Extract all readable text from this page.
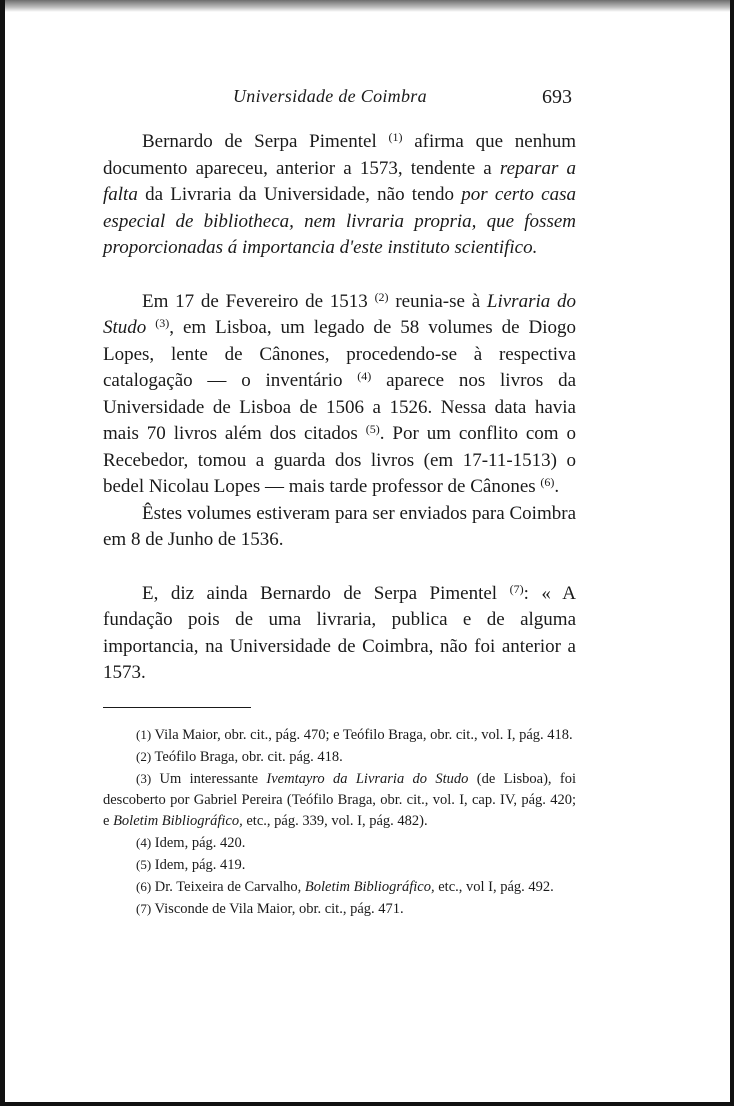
Universidade de Coimbra	693

Bernardo de Serpa Pimentel $^{(1)}$ afirma que nenhum documento apareceu, anterior a 1573, tendente a reparar a falta da Livraria da Universidade, não tendo por certo casa especial de bibliotheca, nem livraria propria, que fossem proporcionadas á importancia d'este instituto scientifico.

Em 17 de Fevereiro de 1513 $^{(2)}$ reunia-se à Livraria do Studo $^{(3)}$, em Lisboa, um legado de 58 volumes de Diogo Lopes, lente de Cânones, procedendo-se à respectiva catalogação — o inventário $^{(4)}$ aparece nos livros da Universidade de Lisboa de 1506 a 1526. Nessa data havia mais 70 livros além dos citados $^{(5)}$. Por um conflito com o Recebedor, tomou a guarda dos livros (em 17-11-1513) o bedel Nicolau Lopes — mais tarde professor de Cânones $^{(6)}$.

Êstes volumes estiveram para ser enviados para Coimbra em 8 de Junho de 1536.

E, diz ainda Bernardo de Serpa Pimentel $^{(7)}$: « A fundação pois de uma livraria, publica e de alguma importancia, na Universidade de Coimbra, não foi anterior a 1573.

(1) Vila Maior, obr. cit., pág. 470; e Teófilo Braga, obr. cit., vol. I, pág. 418.

(2) Teófilo Braga, obr. cit. pág. 418.

(3) Um interessante Ivemtayro da Livraria do Studo (de Lisboa), foi descoberto por Gabriel Pereira (Teófilo Braga, obr. cit., vol. I, cap. IV, pág. 420; e Boletim Bibliográfico, etc., pág. 339, vol. I, pág. 482).

(4) Idem, pág. 420.

(5) Idem, pág. 419.

(6) Dr. Teixeira de Carvalho, Boletim Bibliográfico, etc., vol I, pág. 492.

(7) Visconde de Vila Maior, obr. cit., pág. 471.
